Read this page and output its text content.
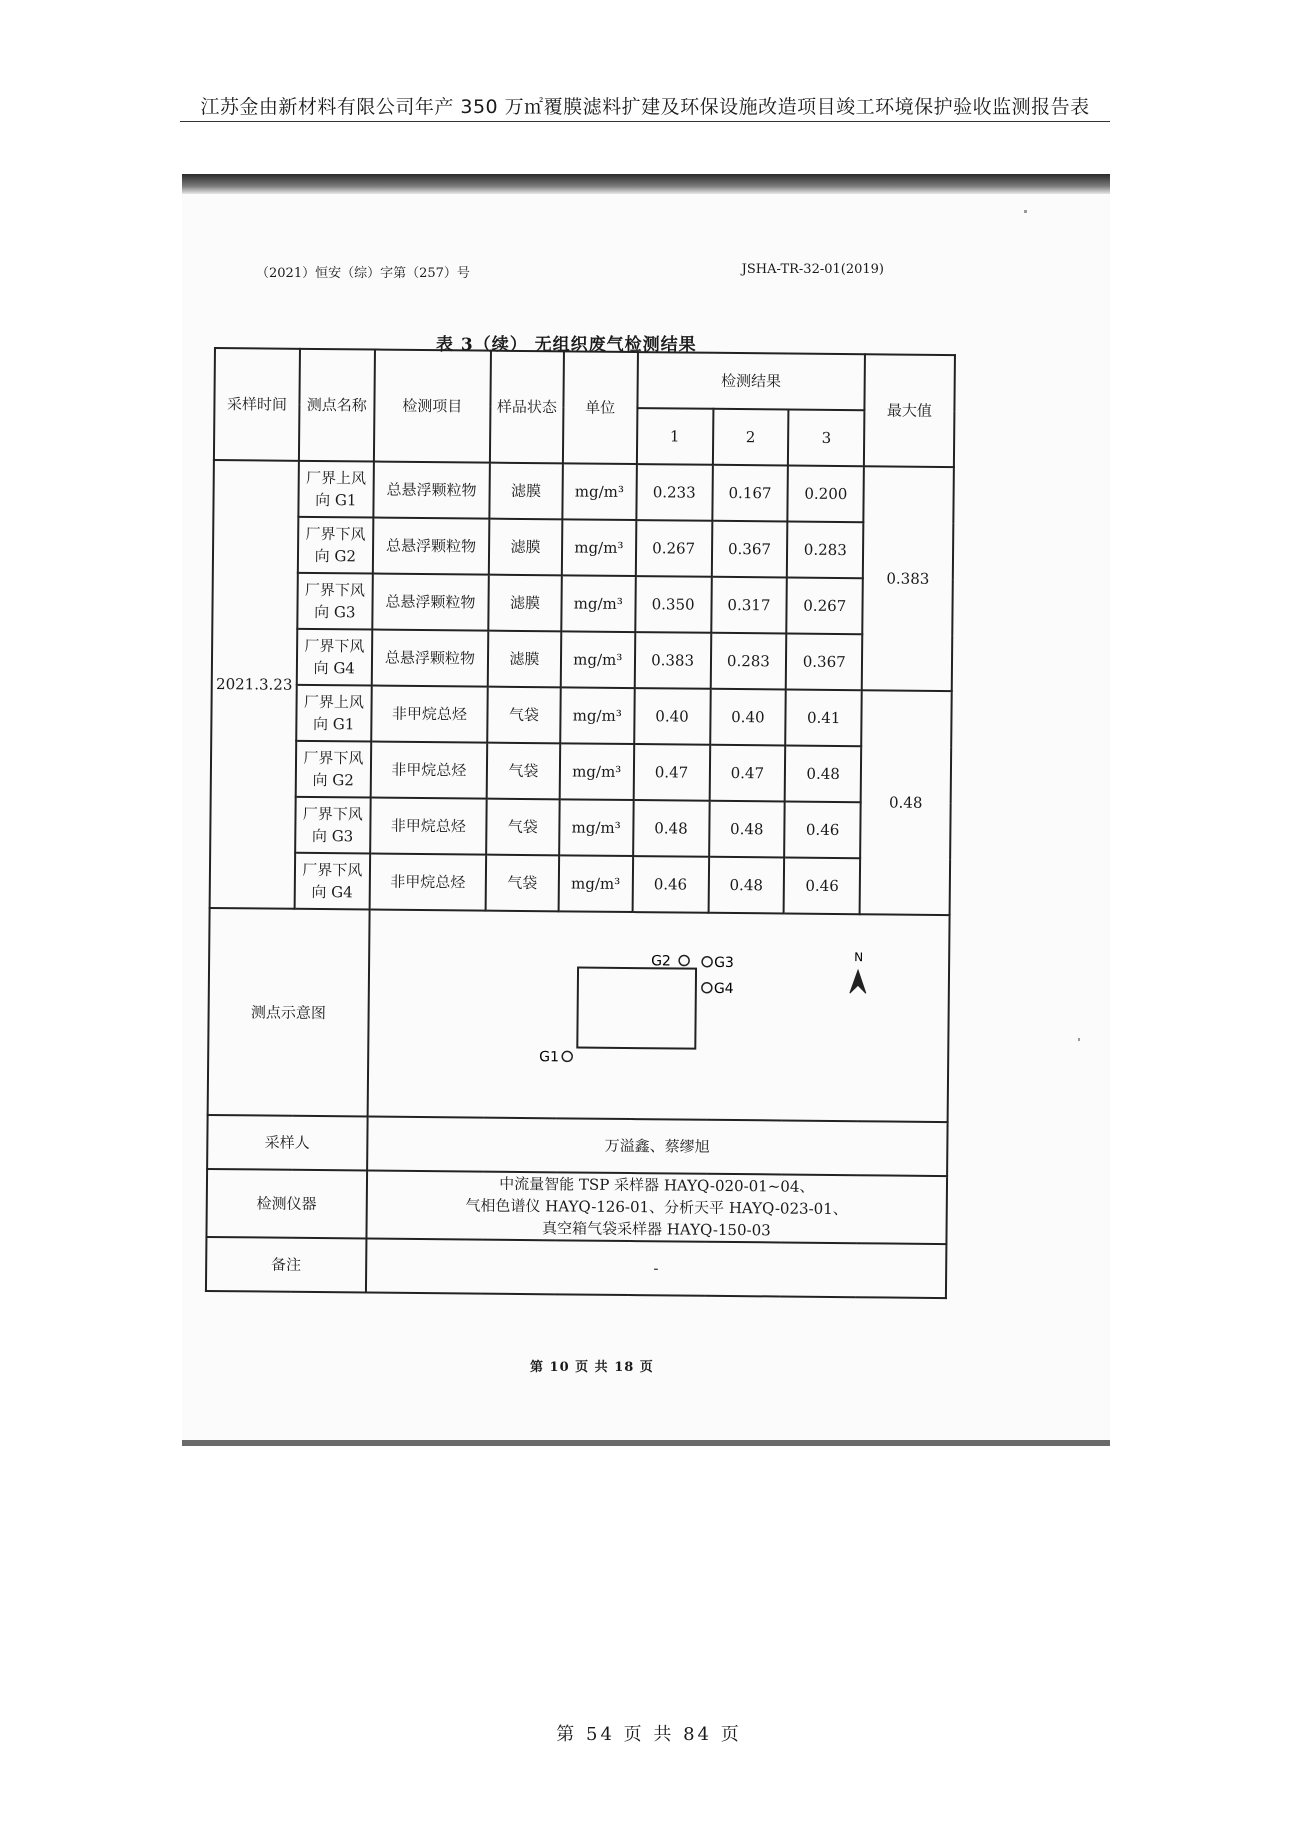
江苏金由新材料有限公司年产 350 万㎡覆膜滤料扩建及环保设施改造项目竣工环境保护验收监测报告表
（2021）恒安（综）字第（257）号	JSHA-TR-32-01(2019)
表 3（续） 无组织废气检测结果
采样时间	测点名称	检测项目	样品状态	单位	检测结果			最大值
					1	2	3	
2021.3.23	厂界上风向 G1	总悬浮颗粒物	滤膜	mg/m³	0.233	0.167	0.200	0.383
	厂界下风向 G2	总悬浮颗粒物	滤膜	mg/m³	0.267	0.367	0.283	
	厂界下风向 G3	总悬浮颗粒物	滤膜	mg/m³	0.350	0.317	0.267	
	厂界下风向 G4	总悬浮颗粒物	滤膜	mg/m³	0.383	0.283	0.367	
	厂界上风向 G1	非甲烷总烃	气袋	mg/m³	0.40	0.40	0.41	0.48
	厂界下风向 G2	非甲烷总烃	气袋	mg/m³	0.47	0.47	0.48	
	厂界下风向 G3	非甲烷总烃	气袋	mg/m³	0.48	0.48	0.46	
	厂界下风向 G4	非甲烷总烃	气袋	mg/m³	0.46	0.48	0.46	
测点示意图		G2 G3
G4
G1
N						

采样人		万溢鑫、蔡缪旭						
检测仪器		中流量智能 TSP 采样器 HAYQ-020-01~04、
气相色谱仪 HAYQ-126-01、分析天平 HAYQ-023-01、
真空箱气袋采样器 HAYQ-150-03						

备注		-						
第 10 页 共 18 页
第 54 页 共 84 页
